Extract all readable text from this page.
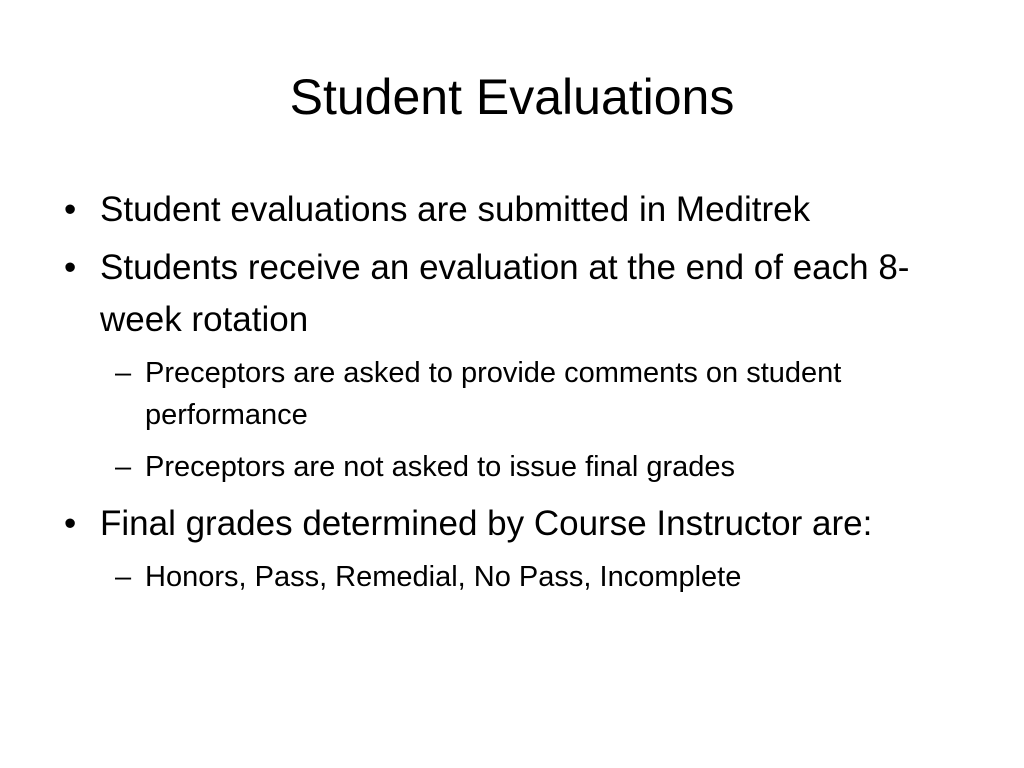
Student Evaluations
• Student evaluations are submitted in Meditrek
• Students receive an evaluation at the end of each 8-week rotation
– Preceptors are asked to provide comments on student performance
– Preceptors are not asked to issue final grades
• Final grades determined by Course Instructor are:
– Honors, Pass, Remedial, No Pass, Incomplete
